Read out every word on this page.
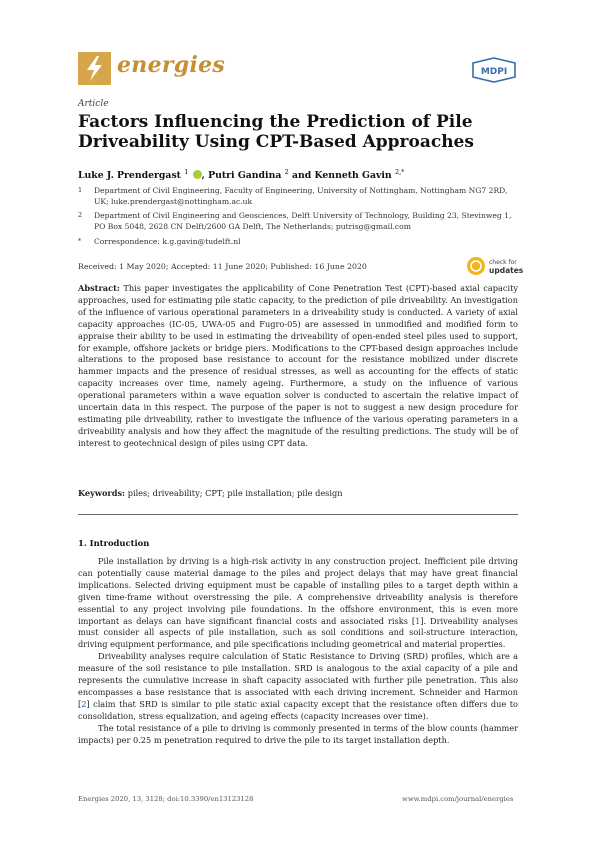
energies	MDPI
Article
Factors Influencing the Prediction of Pile Driveability Using CPT-Based Approaches
Luke J. Prendergast $^1$ , Putri Gandina $^2$ and Kenneth Gavin $^{2,*}$
1 Department of Civil Engineering, Faculty of Engineering, University of Nottingham, Nottingham NG7 2RD, UK; luke.prendergast@nottingham.ac.uk
2 Department of Civil Engineering and Geosciences, Delft University of Technology, Building 23, Stevinweg 1, PO Box 5048, 2628 CN Delft/2600 GA Delft, The Netherlands; putrisg@gmail.com
* Correspondence: k.g.gavin@tudelft.nl
Received: 1 May 2020; Accepted: 11 June 2020; Published: 16 June 2020	check for
updates
Abstract: This paper investigates the applicability of Cone Penetration Test (CPT)-based axial capacity approaches, used for estimating pile static capacity, to the prediction of pile driveability. An investigation of the influence of various operational parameters in a driveability study is conducted. A variety of axial capacity approaches (IC-05, UWA-05 and Fugro-05) are assessed in unmodified and modified form to appraise their ability to be used in estimating the driveability of open-ended steel piles used to support, for example, offshore jackets or bridge piers. Modifications to the CPT-based design approaches include alterations to the proposed base resistance to account for the resistance mobilized under discrete hammer impacts and the presence of residual stresses, as well as accounting for the effects of static capacity increases over time, namely ageing. Furthermore, a study on the influence of various operational parameters within a wave equation solver is conducted to ascertain the relative impact of uncertain data in this respect. The purpose of the paper is not to suggest a new design procedure for estimating pile driveability, rather to investigate the influence of the various operating parameters in a driveability analysis and how they affect the magnitude of the resulting predictions. The study will be of interest to geotechnical design of piles using CPT data.
Keywords: piles; driveability; CPT; pile installation; pile design
1. Introduction

Pile installation by driving is a high-risk activity in any construction project. Inefficient pile driving can potentially cause material damage to the piles and project delays that may have great financial implications. Selected driving equipment must be capable of installing piles to a target depth within a given time-frame without overstressing the pile. A comprehensive driveability analysis is therefore essential to any project involving pile foundations. In the offshore environment, this is even more important as delays can have significant financial costs and associated risks [1]. Driveability analyses must consider all aspects of pile installation, such as soil conditions and soil-structure interaction, driving equipment performance, and pile specifications including geometrical and material properties.

Driveability analyses require calculation of Static Resistance to Driving (SRD) profiles, which are a measure of the soil resistance to pile installation. SRD is analogous to the axial capacity of a pile and represents the cumulative increase in shaft capacity associated with further pile penetration. This also encompasses a base resistance that is associated with each driving increment. Schneider and Harmon [2] claim that SRD is similar to pile static axial capacity except that the resistance often differs due to consolidation, stress equalization, and ageing effects (capacity increases over time).

The total resistance of a pile to driving is commonly presented in terms of the blow counts (hammer impacts) per 0.25 m penetration required to drive the pile to its target installation depth.

Energies 2020, 13, 3128; doi:10.3390/en13123128	www.mdpi.com/journal/energies
